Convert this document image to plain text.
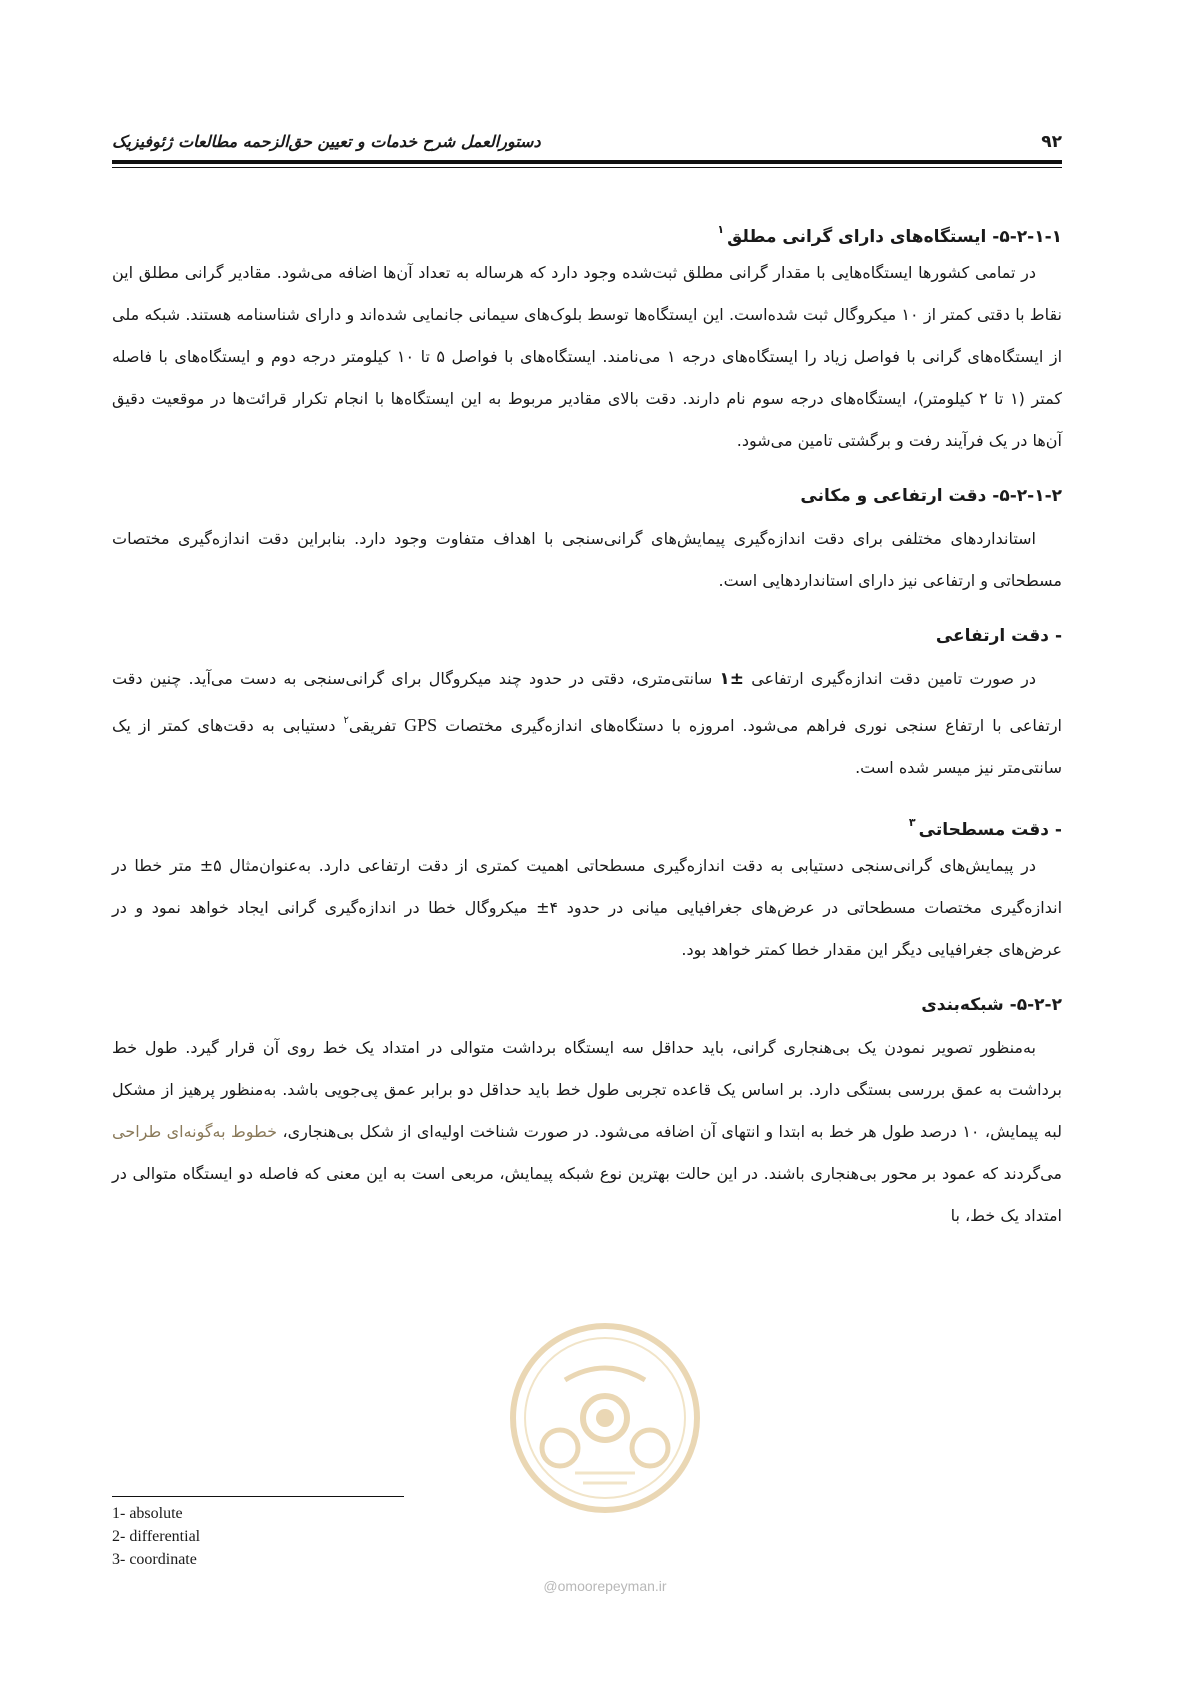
۹۲
دستورالعمل شرح خدمات و تعیین حق‌الزحمه مطالعات ژئوفیزیک
۵-۲-۱-۱- ایستگاه‌های دارای گرانی مطلق$^۱$

در تمامی کشورها ایستگاه‌هایی با مقدار گرانی مطلق ثبت‌شده وجود دارد که هرساله به تعداد آن‌ها اضافه می‌شود. مقادیر گرانی مطلق این نقاط با دقتی کمتر از ۱۰ میکروگال ثبت شده‌است. این ایستگاه‌ها توسط بلوک‌های سیمانی جانمایی شده‌اند و دارای شناسنامه هستند. شبکه ملی از ایستگاه‌های گرانی با فواصل زیاد را ایستگاه‌های درجه ۱ می‌نامند. ایستگاه‌های با فواصل ۵ تا ۱۰ کیلومتر درجه دوم و ایستگاه‌های با فاصله کمتر (۱ تا ۲ کیلومتر)، ایستگاه‌های درجه سوم نام دارند. دقت بالای مقادیر مربوط به این ایستگاه‌ها با انجام تکرار قرائت‌ها در موقعیت دقیق آن‌ها در یک فرآیند رفت و برگشتی تامین می‌شود.

۵-۲-۱-۲- دقت ارتفاعی و مکانی

استانداردهای مختلفی برای دقت اندازه‌گیری پیمایش‌های گرانی‌سنجی با اهداف متفاوت وجود دارد. بنابراین دقت اندازه‌گیری مختصات مسطحاتی و ارتفاعی نیز دارای استانداردهایی است.

- دقت ارتفاعی

در صورت تامین دقت اندازه‌گیری ارتفاعی ±۱ سانتی‌متری، دقتی در حدود چند میکروگال برای گرانی‌سنجی به دست می‌آید. چنین دقت ارتفاعی با ارتفاع سنجی نوری فراهم می‌شود. امروزه با دستگاه‌های اندازه‌گیری مختصات GPS تفریقی$^۲$ دستیابی به دقت‌های کمتر از یک سانتی‌متر نیز میسر شده است.

- دقت مسطحاتی$^۳$

در پیمایش‌های گرانی‌سنجی دستیابی به دقت اندازه‌گیری مسطحاتی اهمیت کمتری از دقت ارتفاعی دارد. به‌عنوان‌مثال ۵± متر خطا در اندازه‌گیری مختصات مسطحاتی در عرض‌های جغرافیایی میانی در حدود ۴± میکروگال خطا در اندازه‌گیری گرانی ایجاد خواهد نمود و در عرض‌های جغرافیایی دیگر این مقدار خطا کمتر خواهد بود.

۵-۲-۲- شبکه‌بندی

به‌منظور تصویر نمودن یک بی‌هنجاری گرانی، باید حداقل سه ایستگاه برداشت متوالی در امتداد یک خط روی آن قرار گیرد. طول خط برداشت به عمق بررسی بستگی دارد. بر اساس یک قاعده تجربی طول خط باید حداقل دو برابر عمق پی‌جویی باشد. به‌منظور پرهیز از مشکل لبه پیمایش، ۱۰ درصد طول هر خط به ابتدا و انتهای آن اضافه می‌شود. در صورت شناخت اولیه‌ای از شکل بی‌هنجاری، خطوط به‌گونه‌ای طراحی می‌گردند که عمود بر محور بی‌هنجاری باشند. در این حالت بهترین نوع شبکه پیمایش، مربعی است به این معنی که فاصله دو ایستگاه متوالی در امتداد یک خط، با

@omoorepeyman.ir
1- absolute
2- differential
3- coordinate
